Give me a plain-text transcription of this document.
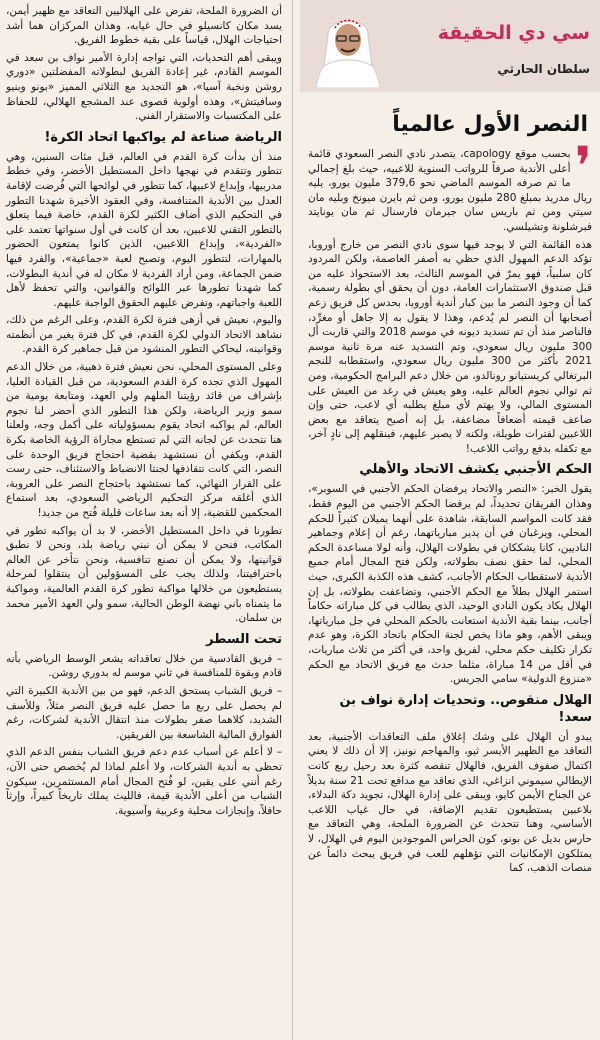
أن الضرورة الملحة، تفرض على الهلاليين التعاقد مع ظهير أيمن، يسد مكان كانسيلو في حال غيابه، وهذان المركزان هما أشد احتياجات الهلال، قياساً على بقية خطوط الفريق.

ويبقى أهم التحديات، التي تواجه إدارة الأمير نواف بن سعد في الموسم القادم، غير إعادة الفريق لبطولاته المفضلتين «دوري روشن ونخبة آسيا»، هو التجديد مع الثلاثي المميز «بونو وبنيو وسافيتش»، وهذه أولوية قصوى عند المشجع الهلالي، للحفاظ على المكتسبات والاستقرار الفني.

الرياضة صناعة لم يواكبها اتحاد الكرة!

منذ أن بدأت كرة القدم في العالم، قبل مئات السنين، وهي تتطور وتتقدم في نهجها داخل المستطيل الأخضر، وفي خطط مدربيها، وإبداع لاعبيها، كما تتطور في لوائحها التي فُرضت لإقامة العدل بين الأندية المتنافسة، وفي العقود الأخيرة شهدنا التطور في التحكيم الذي أضاف الكثير لكرة القدم، خاصة فيما يتعلق بالتطور التقني للاعبين، بعد أن كانت في أول سنواتها تعتمد على «الفردية»، وإبداع اللاعبين، الذين كانوا يمتعون الحضور بالمهارات، لتتطور اليوم، وتصبح لعبة «جماعية»، والفرد فيها ضمن الجماعة، ومن أراد الفردية لا مكان له في أندية البطولات، كما شهدنا تطورها عبر اللوائح والقوانين، والتي تحفظ لأهل اللعبة واجباتهم، وتفرض عليهم الحقوق الواجبة عليهم.

واليوم، نعيش في أزهى فترة لكرة القدم، وعلى الرغم من ذلك، نشاهد الاتحاد الدولي لكرة القدم، في كل فترة يغير من أنظمته وقوانينه، ليحاكي التطور المنشود من قبل جماهير كرة القدم.

وعلى المستوى المحلي، نحن نعيش فترة ذهبية، من خلال الدعم المهول الذي تجده كرة القدم السعودية، من قبل القيادة العليا، بإشراف من قائد رؤيتنا الملهم ولي العهد، ومتابعة يومية من سمو وزير الرياضة، ولكن هذا التطور الذي أحضر لنا نجوم العالم، لم يواكبه اتحاد يقوم بمسؤولياته على أكمل وجه، ولعلنا هنا نتحدث عن لجانه التي لم تستطع مجاراة الرؤية الخاصة بكرة القدم، ويكفي أن نستشهد بقضية احتجاج فريق الوحدة على النصر، التي كانت تتقاذفها لجنتا الانضباط والاستئناف، حتى رست على القرار النهائي، كما نستشهد باحتجاج النصر على العروبة، الذي أغلقه مركز التحكيم الرياضي السعودي، بعد استماع المحكمين للقضية، إلا أنه بعد ساعات قليلة فُتح من جديد!

تطورنا في داخل المستطيل الأخضر، لا بد أن يواكبه تطور في المكاتب، فنحن لا يمكن أن نبني رياضة بلد، ونحن لا نطبق قوانينها، ولا يمكن أن نصنع تنافسية، ونحن نتأخر عن العالم باحترافيتنا، ولذلك يجب على المسؤولين أن ينتقلوا لمرحلة يستطيعون من خلالها مواكبة تطور كرة القدم العالمية، ومواكبة ما يتمناه باني نهضة الوطن الحالية، سمو ولي العهد الأمير محمد بن سلمان.

تحت السطر

– فريق القادسية من خلال تعاقداته يشعر الوسط الرياضي بأنه قادم وبقوة للمنافسة في ثاني موسم له بدوري روشن.

– فريق الشباب يستحق الدعم، فهو من بين الأندية الكبيرة التي لم يحصل على ربع ما حصل عليه فريق النصر مثلاً، وللأسف الشديد، كلاهما صفر بطولات منذ انتقال الأندية لشركات، رغم الفوارق المالية الشاسعة بين الفريقين.

– لا أعلم عن أسباب عدم دعم فريق الشباب بنفس الدعم الذي تحظى به أندية الشركات، ولا أعلم لماذا لم يُخصص حتى الآن، رغم أنني على يقين، لو فُتح المجال أمام المستثمرين، سيكون الشباب من أعلى الأندية قيمة، فالليث يملك تاريخاً كبيراً، وإرثاً حافلاً، وإنجازات محلية وعربية وآسيوية.

سي دي الحقيقة
سلطان الحارثي
النصر الأول عالمياً
❜

بحسب موقع capology، يتصدر نادي النصر السعودي قائمة أعلى الأندية صرفاً للرواتب السنوية للاعبيه، حيث بلغ إجمالي ما تم صرفه الموسم الماضي نحو 379,6 مليون يورو، يليه ريال مدريد بمبلغ 280 مليون يورو، ومن ثم بايرن ميونخ وبليه مان سيتي ومن ثم باريس سان جيرمان فارسنال ثم مان يونايتد فبرشلونة وتشيلسي.

هذه القائمة التي لا يوجد فيها سوى نادي النصر من خارج أوروبا، تؤكد الدعم المهول الذي حظي به أصفر العاصمة، ولكن المردود كان سلبياً، فهو يمرّ في الموسم الثالث، بعد الاستحواذ عليه من قبل صندوق الاستثمارات العامة، دون أن يحقق أي بطولة رسمية، كما أن وجود النصر ما بين كبار أندية أوروبا، بحدس كل فريق زعم أصحابها أن النصر لم يُدعم، وهذا لا يقول به إلا جاهل أو مغرِّد، فالناصر منذ أن تم تسديد ديونه في موسم 2018 والتي قاربت أل 300 مليون ريال سعودي، وتم التسديد عنه مرة ثانية موسم 2021 بأكثر من 300 مليون ريال سعودي، واستقطابه للنجم البرتغالي كريستيانو رونالدو، من خلال دعم البرامج الحكومية، ومن ثم توالي نجوم العالم عليه، وهو يعيش في رغد من العيش على المستوى المالي، ولا يهتم لأي مبلغ يطلبه أي لاعب، حتى وإن ضاعف قيمته أضعافاً مضاعفة، بل إنه أصبح يتعاقد مع بعض اللاعبين لفترات طويلة، ولكنه لا يصبر عليهم، فينقلهم إلى نادٍ آخر، مع تكفله بدفع رواتب اللاعب!

الحكم الأجنبي يكشف الاتحاد والأهلي

يقول الخبر: «النصر والاتحاد يرفضان الحكم الأجنبي في السوبر»، وهذان الفريقان تحديداً، لم يرفضا الحكم الأجنبي من اليوم فقط، فقد كانت المواسم السابقة، شاهدة على أنهما يميلان كثيراً للحكم المحلي، ويرغبان في أن يدير مبارياتهما، رغم أن إعلام وجماهير الناديين، كانا يشككان في بطولات الهلال، وأنه لولا مساعدة الحكم المحلي، لما حقق نصف بطولاته، ولكن فتح المجال أمام جميع الأندية لاستقطاب الحكام الأجانب، كشف هذه الكذبة الكبرى، حيث استمر الهلال بطلاً مع الحكم الأجنبي، وتضاعفت بطولاته، بل إن الهلال يكاد يكون النادي الوحيد، الذي يطالب في كل مباراته حكاماً أجانب، بينما بقية الأندية استعانت بالحكم المحلي في جل مبارياتها، ويبقى الأهم، وهو ماذا يخص لجنة الحكام باتحاد الكرة، وهو عدم تكرار تكليف حكم محلي، لفريق واحد، في أكثر من ثلاث مباريات، في أقل من 14 مباراة، مثلما حدث مع فريق الاتحاد مع الحكم «منزوع الدولية» سامي الجريس.

الهلال منقوص.. وتحديات إدارة نواف بن سعد!

يبدو أن الهلال على وشك إغلاق ملف التعاقدات الأجنبية، بعد التعاقد مع الظهير الأيسر ثيو، والمهاجم نونيز، إلا أن ذلك لا يعني اكتمال صفوف الفريق، فالهلال تنقصه كثرة بعد رحيل ربع كانت الإيطالي سيموني انزاغي، الذي تعاقد مع مدافع تحت 21 سنة بديلاً عن الجناح الأيمن كايو، ويبقى على إدارة الهلال، تجويد دكة البدلاء، بلاعبين يستطيعون تقديم الإضافة، في حال غياب اللاعب الأساسي، وهنا نتحدث عن الضرورة الملحة، وهي التعاقد مع حارس بديل عن بونو، كون الحراس الموجودين اليوم في الهلال، لا يمتلكون الإمكانيات التي تؤهلهم للعب في فريق يبحث دائماً عن منصات الذهب، كما
